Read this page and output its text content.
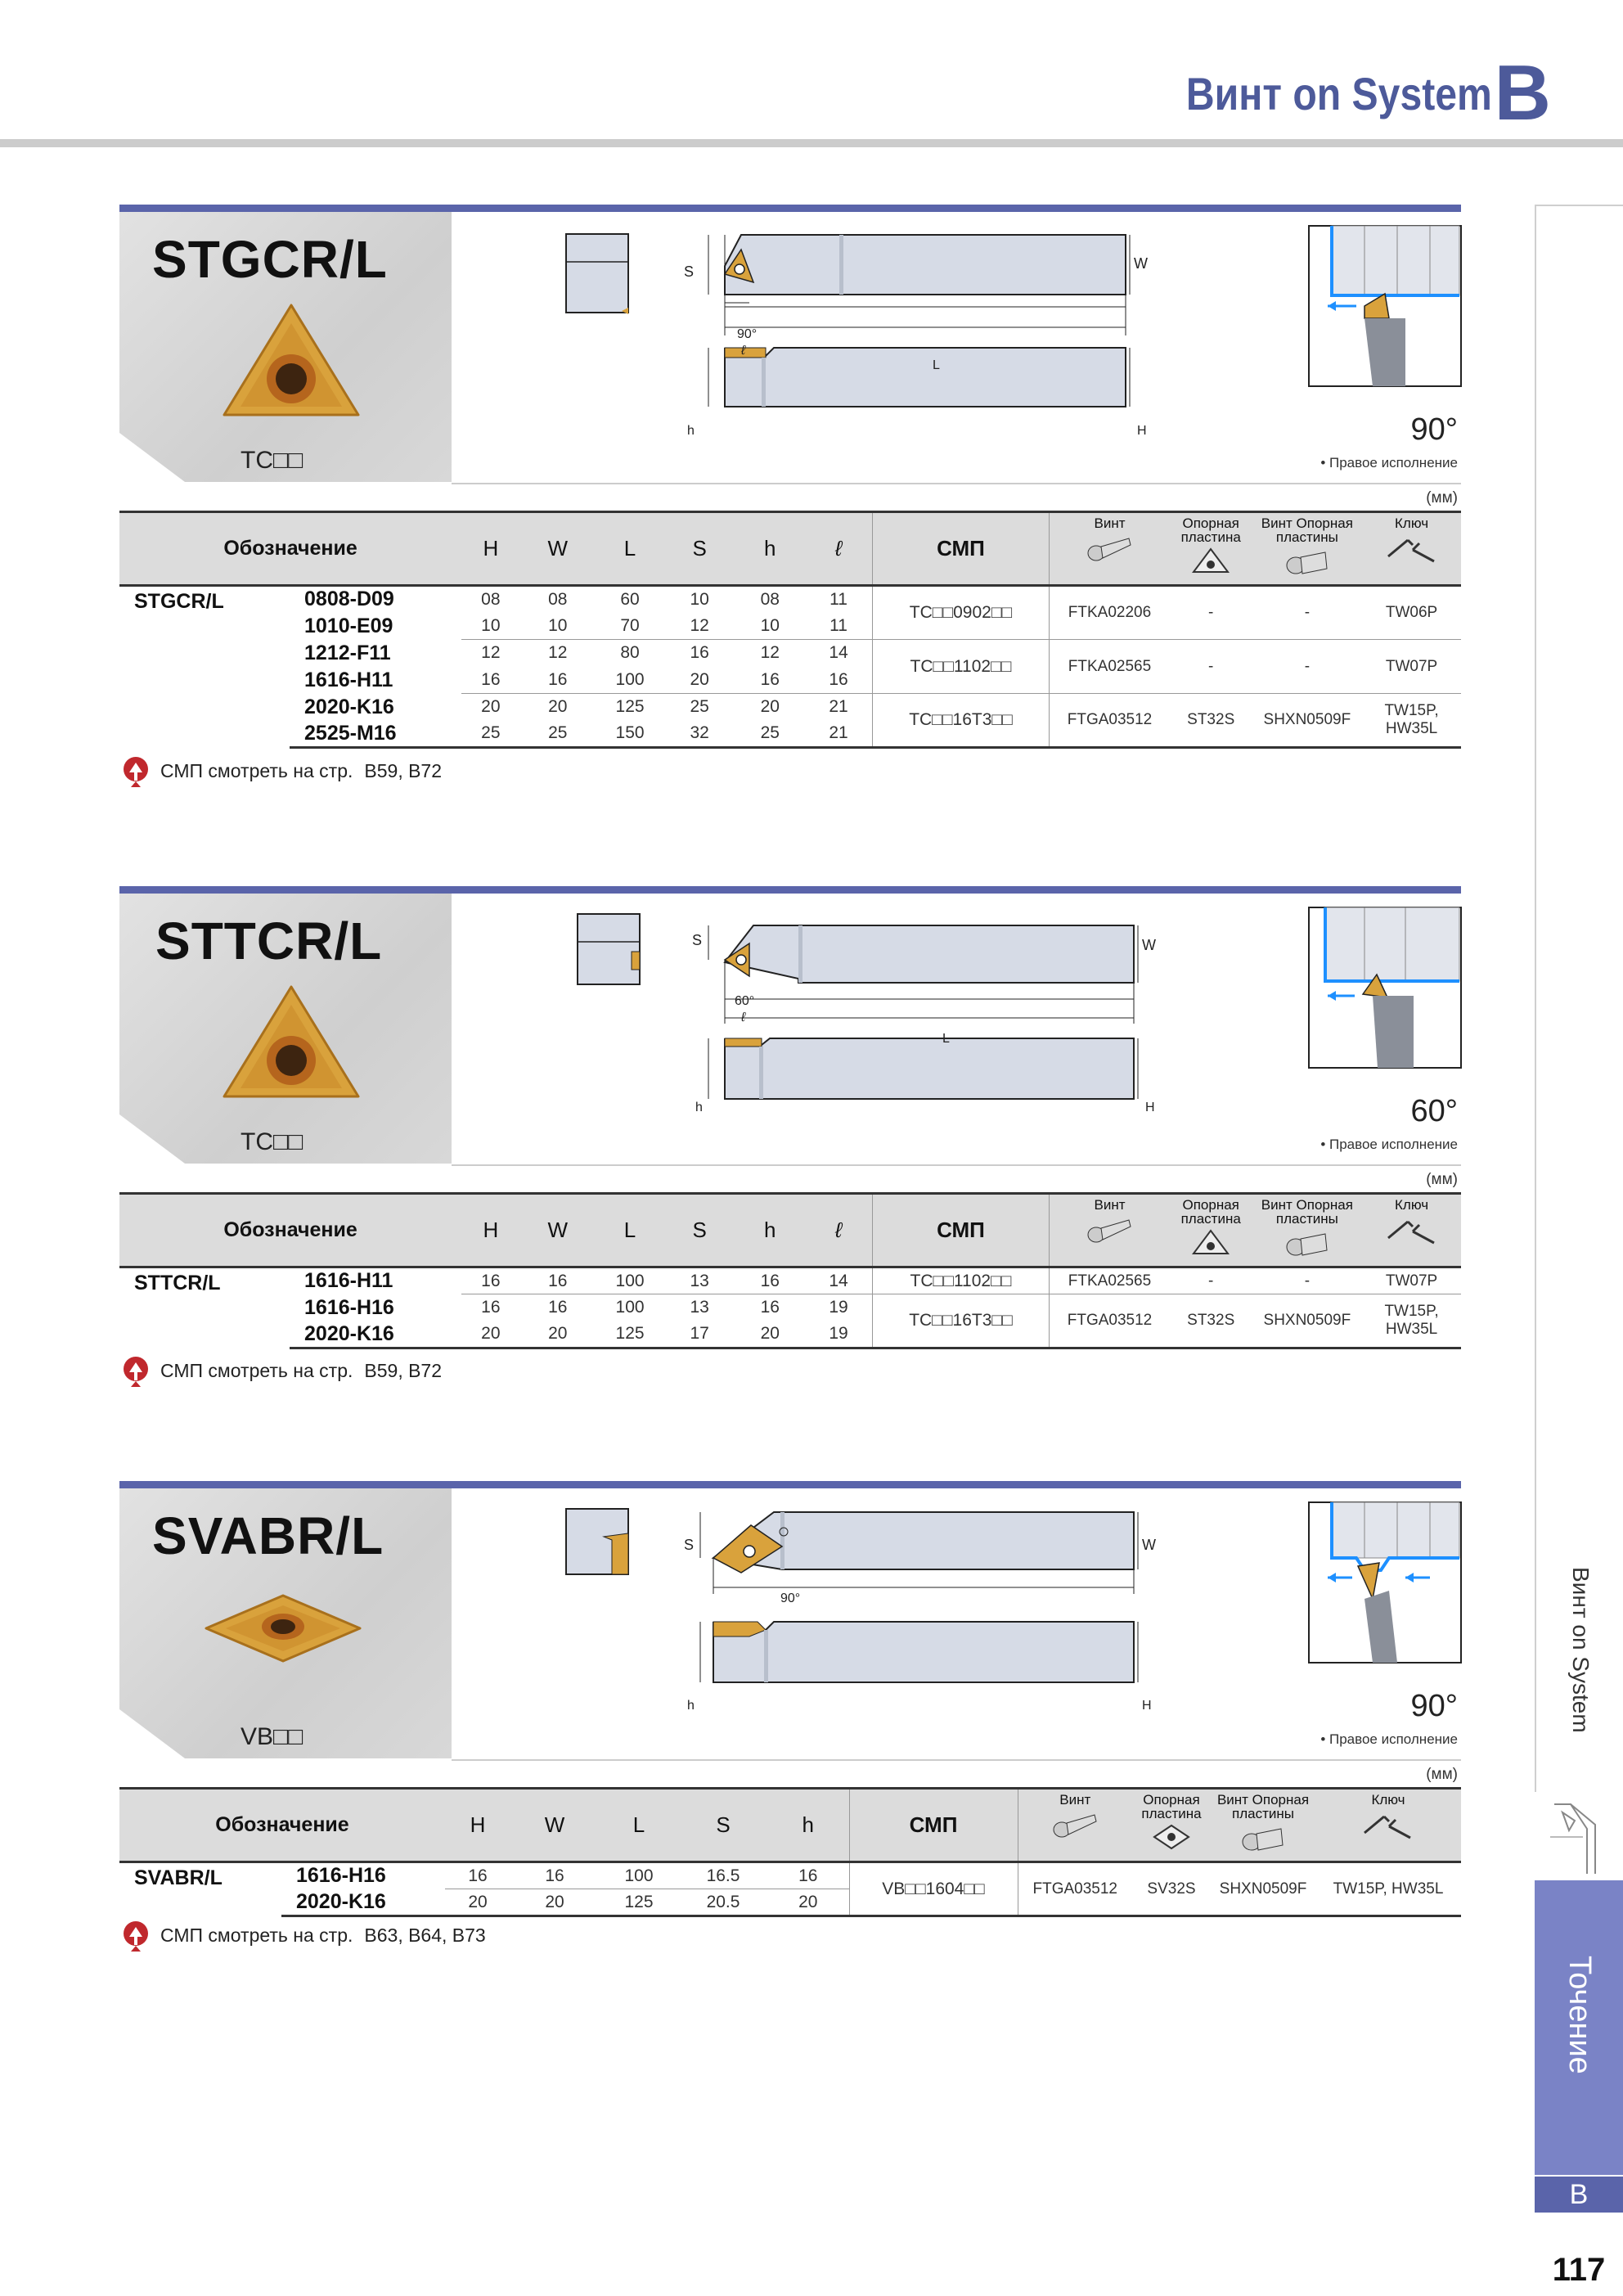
Винт on System B
Винт on System
Точение
B
117
STGCR/L
TC□□
S	W
90°
ℓ
L
h	H	90°
• Правое исполнение
(мм)
Обозначение		H	W	L	S	h	ℓ	СМП	Винт	Опорная пластина	Винт Опорная пластины	Ключ

STGCR/L	0808-D09	08	08	60	10	08	11	TC□□0902□□	FTKA02206	-	-	TW06P
	1010-E09	10	10	70	12	10	11					
	1212-F11	12	12	80	16	12	14	TC□□1102□□	FTKA02565	-	-	TW07P
	1616-H11	16	16	100	20	16	16					
	2020-K16	20	20	125	25	20	21	TC□□16T3□□	FTGA03512	ST32S	SHXN0509F	TW15P, HW35L
	2525-M16	25	25	150	32	25	21					
СМП смотреть на стр. B59, B72
STTCR/L
TC□□
S	W
60°
ℓ
L
h	H	60°
• Правое исполнение
(мм)
Обозначение		H	W	L	S	h	ℓ	СМП	Винт	Опорная пластина	Винт Опорная пластины	Ключ

STTCR/L	1616-H11	16	16	100	13	16	14	TC□□1102□□	FTKA02565	-	-	TW07P
	1616-H16	16	16	100	13	16	19	TC□□16T3□□	FTGA03512	ST32S	SHXN0509F	TW15P, HW35L
	2020-K16	20	20	125	17	20	19					
СМП смотреть на стр. B59, B72
SVABR/L
VB□□
S	W
90°
h	H	90°
• Правое исполнение
(мм)
Обозначение		H	W	L	S	h	СМП	Винт	Опорная пластина	Винт Опорная пластины	Ключ

SVABR/L	1616-H16	16	16	100	16.5	16	VB□□1604□□	FTGA03512	SV32S	SHXN0509F	TW15P, HW35L
	2020-K16	20	20	125	20.5	20					
СМП смотреть на стр. B63, B64, B73
